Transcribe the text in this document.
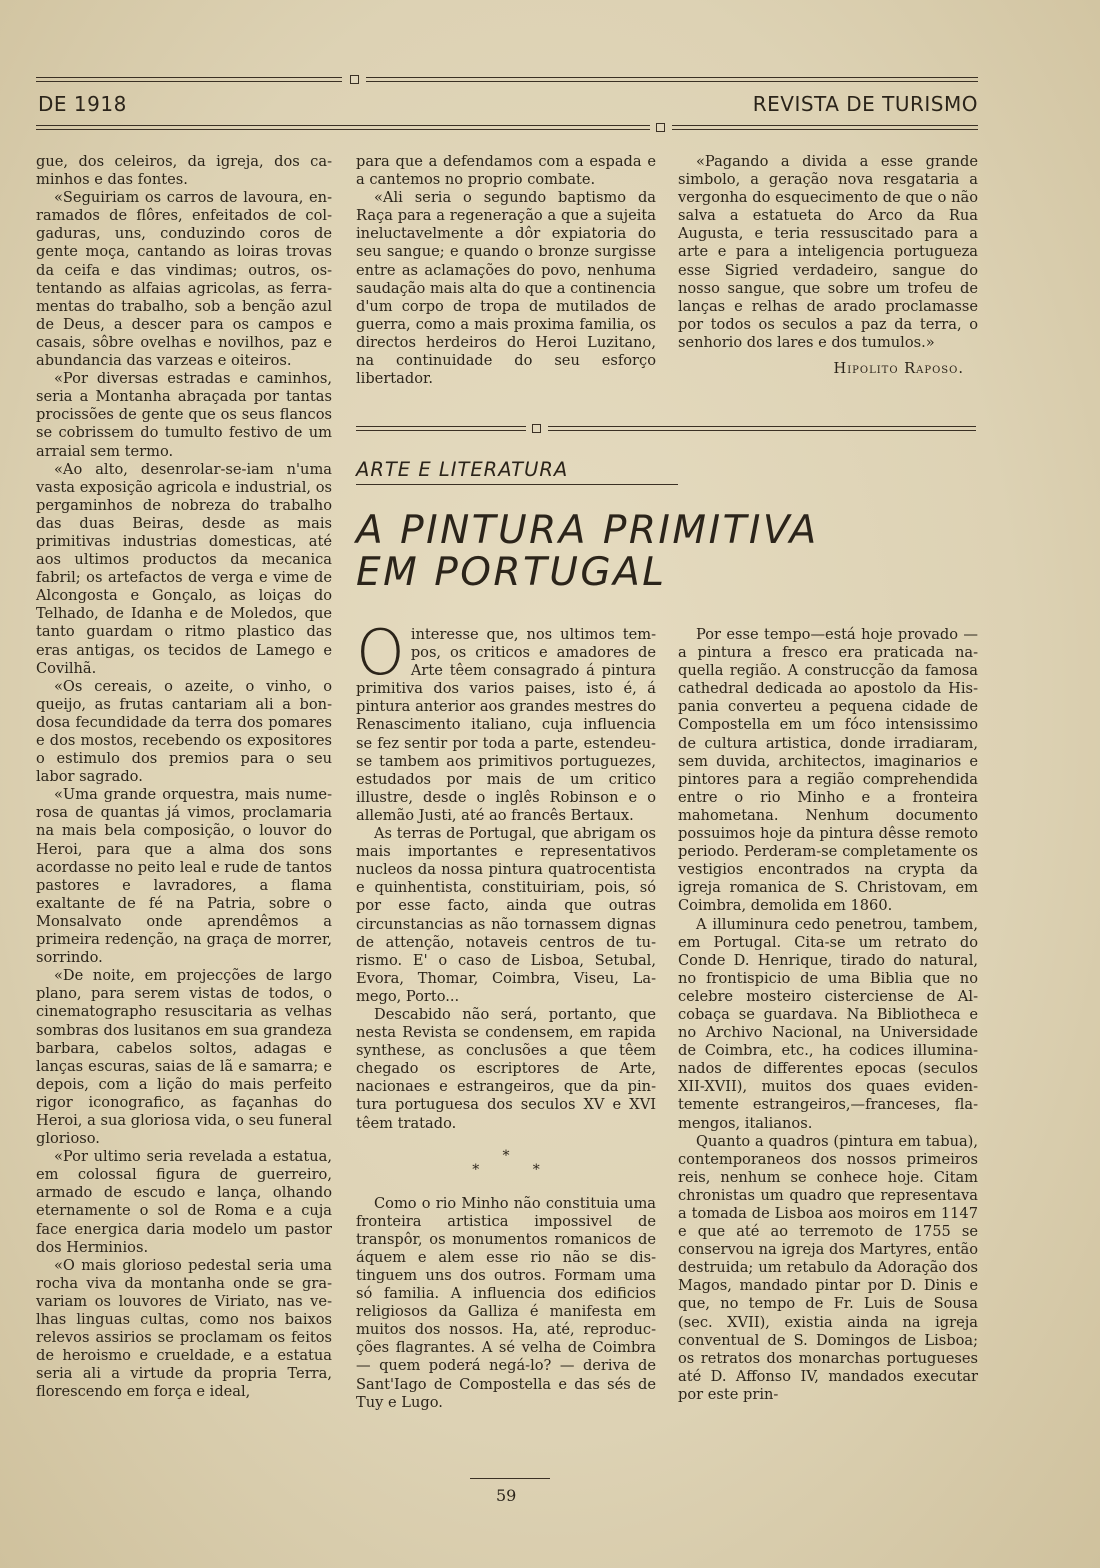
DE 1918	REVISTA DE TURISMO

gue, dos celeiros, da igreja, dos caminhos e das fontes.

«Seguiriam os carros de lavoura, enramados de flôres, enfeitados de colgaduras, uns, conduzindo coros de gente moça, cantando as loiras trovas da ceifa e das vindimas; outros, ostentando as alfaias agricolas, as ferramentas do trabalho, sob a benção azul de Deus, a descer para os campos e casais, sôbre ovelhas e novilhos, paz e abundancia das varzeas e oiteiros.

«Por diversas estradas e caminhos, seria a Montanha abraçada por tantas procissões de gente que os seus flancos se cobrissem do tumulto festivo de um arraial sem termo.

«Ao alto, desenrolar-se-iam n'uma vasta exposição agricola e industrial, os pergaminhos de nobreza do trabalho das duas Beiras, desde as mais primitivas industrias domesticas, até aos ultimos productos da mecanica fabril; os artefactos de verga e vime de Alcongosta e Gonçalo, as loiças do Telhado, de Idanha e de Moledos, que tanto guardam o ritmo plastico das eras antigas, os tecidos de Lamego e Covilhã.

«Os cereais, o azeite, o vinho, o queijo, as frutas cantariam ali a bondosa fecundidade da terra dos pomares e dos mostos, recebendo os expositores o estimulo dos premios para o seu labor sagrado.

«Uma grande orquestra, mais numerosa de quantas já vimos, proclamaria na mais bela composição, o louvor do Heroi, para que a alma dos sons acordasse no peito leal e rude de tantos pastores e lavradores, a flama exaltante de fé na Patria, sobre o Monsalvato onde aprendêmos a primeira redenção, na graça de morrer, sorrindo.

«De noite, em projecções de largo plano, para serem vistas de todos, o cinematographo resuscitaria as velhas sombras dos lusitanos em sua grandeza barbara, cabelos soltos, adagas e lanças escuras, saias de lã e samarra; e depois, com a lição do mais perfeito rigor iconografico, as façanhas do Heroi, a sua gloriosa vida, o seu funeral glorioso.

«Por ultimo seria revelada a estatua, em colossal figura de guerreiro, armado de escudo e lança, olhando eternamente o sol de Roma e a cuja face energica daria modelo um pastor dos Herminios.

«O mais glorioso pedestal seria uma rocha viva da montanha onde se gravariam os louvores de Viriato, nas velhas linguas cultas, como nos baixos relevos assirios se proclamam os feitos de heroismo e crueldade, e a estatua seria ali a virtude da propria Terra, florescendo em força e ideal,

para que a defendamos com a espada e a cantemos no proprio combate.

«Ali seria o segundo baptismo da Raça para a regeneração a que a sujeita ineluctavelmente a dôr expiatoria do seu sangue; e quando o bronze surgisse entre as aclamações do povo, nenhuma saudação mais alta do que a continencia d'um corpo de tropa de mutilados de guerra, como a mais proxima familia, os directos herdeiros do Heroi Luzitano, na continuidade do seu esforço libertador.

«Pagando a divida a esse grande simbolo, a geração nova resgataria a vergonha do esquecimento de que o não salva a estatueta do Arco da Rua Augusta, e teria ressuscitado para a arte e para a inteligencia portugueza esse Sigried verdadeiro, sangue do nosso sangue, que sobre um trofeu de lanças e relhas de arado proclamasse por todos os seculos a paz da terra, o senhorio dos lares e dos tumulos.»

Hipolito Raposo.

ARTE E LITERATURA
A PINTURA PRIMITIVA
EM PORTUGAL

Ointeresse que, nos ultimos tempos, os criticos e amadores de Arte têem consagrado á pintura primitiva dos varios paises, isto é, á pintura anterior aos grandes mestres do Renascimento italiano, cuja influencia se fez sentir por toda a parte, estendeu-se tambem aos primitivos portuguezes, estudados por mais de um critico illustre, desde o inglês Robinson e o allemão Justi, até ao francês Bertaux.

As terras de Portugal, que abrigam os mais importantes e representativos nucleos da nossa pintura quatrocentista e quinhentista, constituiriam, pois, só por esse facto, ainda que outras circunstancias as não tornassem dignas de attenção, notaveis centros de turismo. E' o caso de Lisboa, Setubal, Evora, Thomar, Coimbra, Viseu, Lamego, Porto...

Descabido não será, portanto, que nesta Revista se condensem, em rapida synthese, as conclusões a que têem chegado os escriptores de Arte, nacionaes e estrangeiros, que da pintura portuguesa dos seculos XV e XVI têem tratado.

*
*	*

Como o rio Minho não constituia uma fronteira artistica impossivel de transpôr, os monumentos romanicos de áquem e alem esse rio não se distinguem uns dos outros. Formam uma só familia. A influencia dos edificios religiosos da Galliza é manifesta em muitos dos nossos. Ha, até, reproducções flagrantes. A sé velha de Coimbra — quem poderá negá-lo? — deriva de Sant'Iago de Compostella e das sés de Tuy e Lugo.

Por esse tempo—está hoje provado —a pintura a fresco era praticada naquella região. A construcção da famosa cathedral dedicada ao apostolo da Hispania converteu a pequena cidade de Compostella em um fóco intensissimo de cultura artistica, donde irradiaram, sem duvida, architectos, imaginarios e pintores para a região comprehendida entre o rio Minho e a fronteira mahometana. Nenhum documento possuimos hoje da pintura dêsse remoto periodo. Perderam-se completamente os vestigios encontrados na crypta da igreja romanica de S. Christovam, em Coimbra, demolida em 1860.

A illuminura cedo penetrou, tambem, em Portugal. Cita-se um retrato do Conde D. Henrique, tirado do natural, no frontispicio de uma Biblia que no celebre mosteiro cisterciense de Alcobaça se guardava. Na Bibliotheca e no Archivo Nacional, na Universidade de Coimbra, etc., ha codices illuminanados de differentes epocas (seculos XII-XVII), muitos dos quaes evidentemente estrangeiros,—franceses, flamengos, italianos.

Quanto a quadros (pintura em tabua), contemporaneos dos nossos primeiros reis, nenhum se conhece hoje. Citam chronistas um quadro que representava a tomada de Lisboa aos moiros em 1147 e que até ao terremoto de 1755 se conservou na igreja dos Martyres, então destruida; um retabulo da Adoração dos Magos, mandado pintar por D. Dinis e que, no tempo de Fr. Luis de Sousa (sec. XVII), existia ainda na igreja conventual de S. Domingos de Lisboa; os retratos dos monarchas portugueses até D. Affonso IV, mandados executar por este prin-

59
